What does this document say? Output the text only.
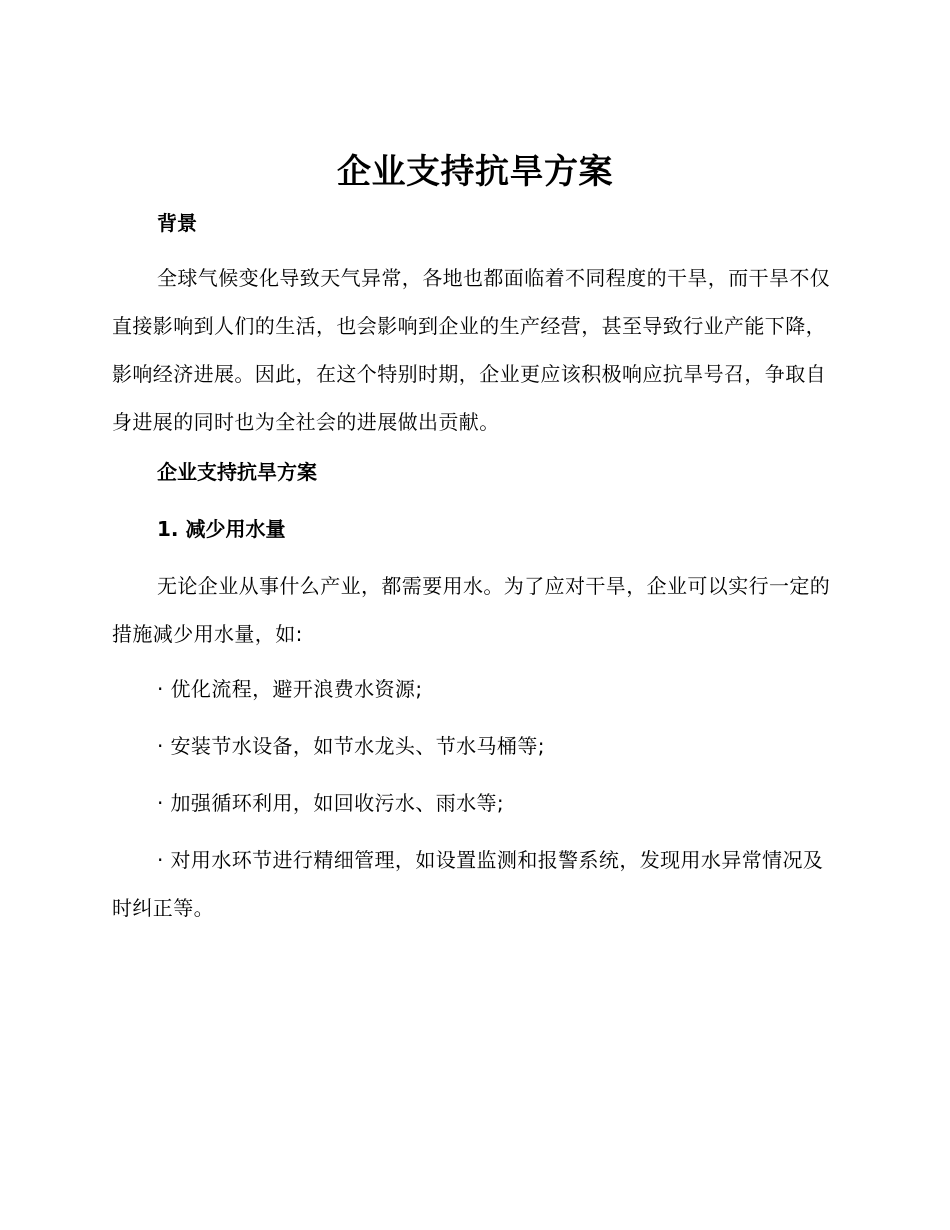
企业支持抗旱方案
背景

全球气候变化导致天气异常，各地也都面临着不同程度的干旱，而干旱不仅直接影响到人们的生活，也会影响到企业的生产经营，甚至导致行业产能下降，影响经济进展。因此，在这个特别时期，企业更应该积极响应抗旱号召，争取自身进展的同时也为全社会的进展做出贡献。

企业支持抗旱方案
1. 减少用水量

无论企业从事什么产业，都需要用水。为了应对干旱，企业可以实行一定的措施减少用水量，如:

· 优化流程，避开浪费水资源;
· 安装节水设备，如节水龙头、节水马桶等;
· 加强循环利用，如回收污水、雨水等;

· 对用水环节进行精细管理，如设置监测和报警系统，发现用水异常情况及时纠正等。
